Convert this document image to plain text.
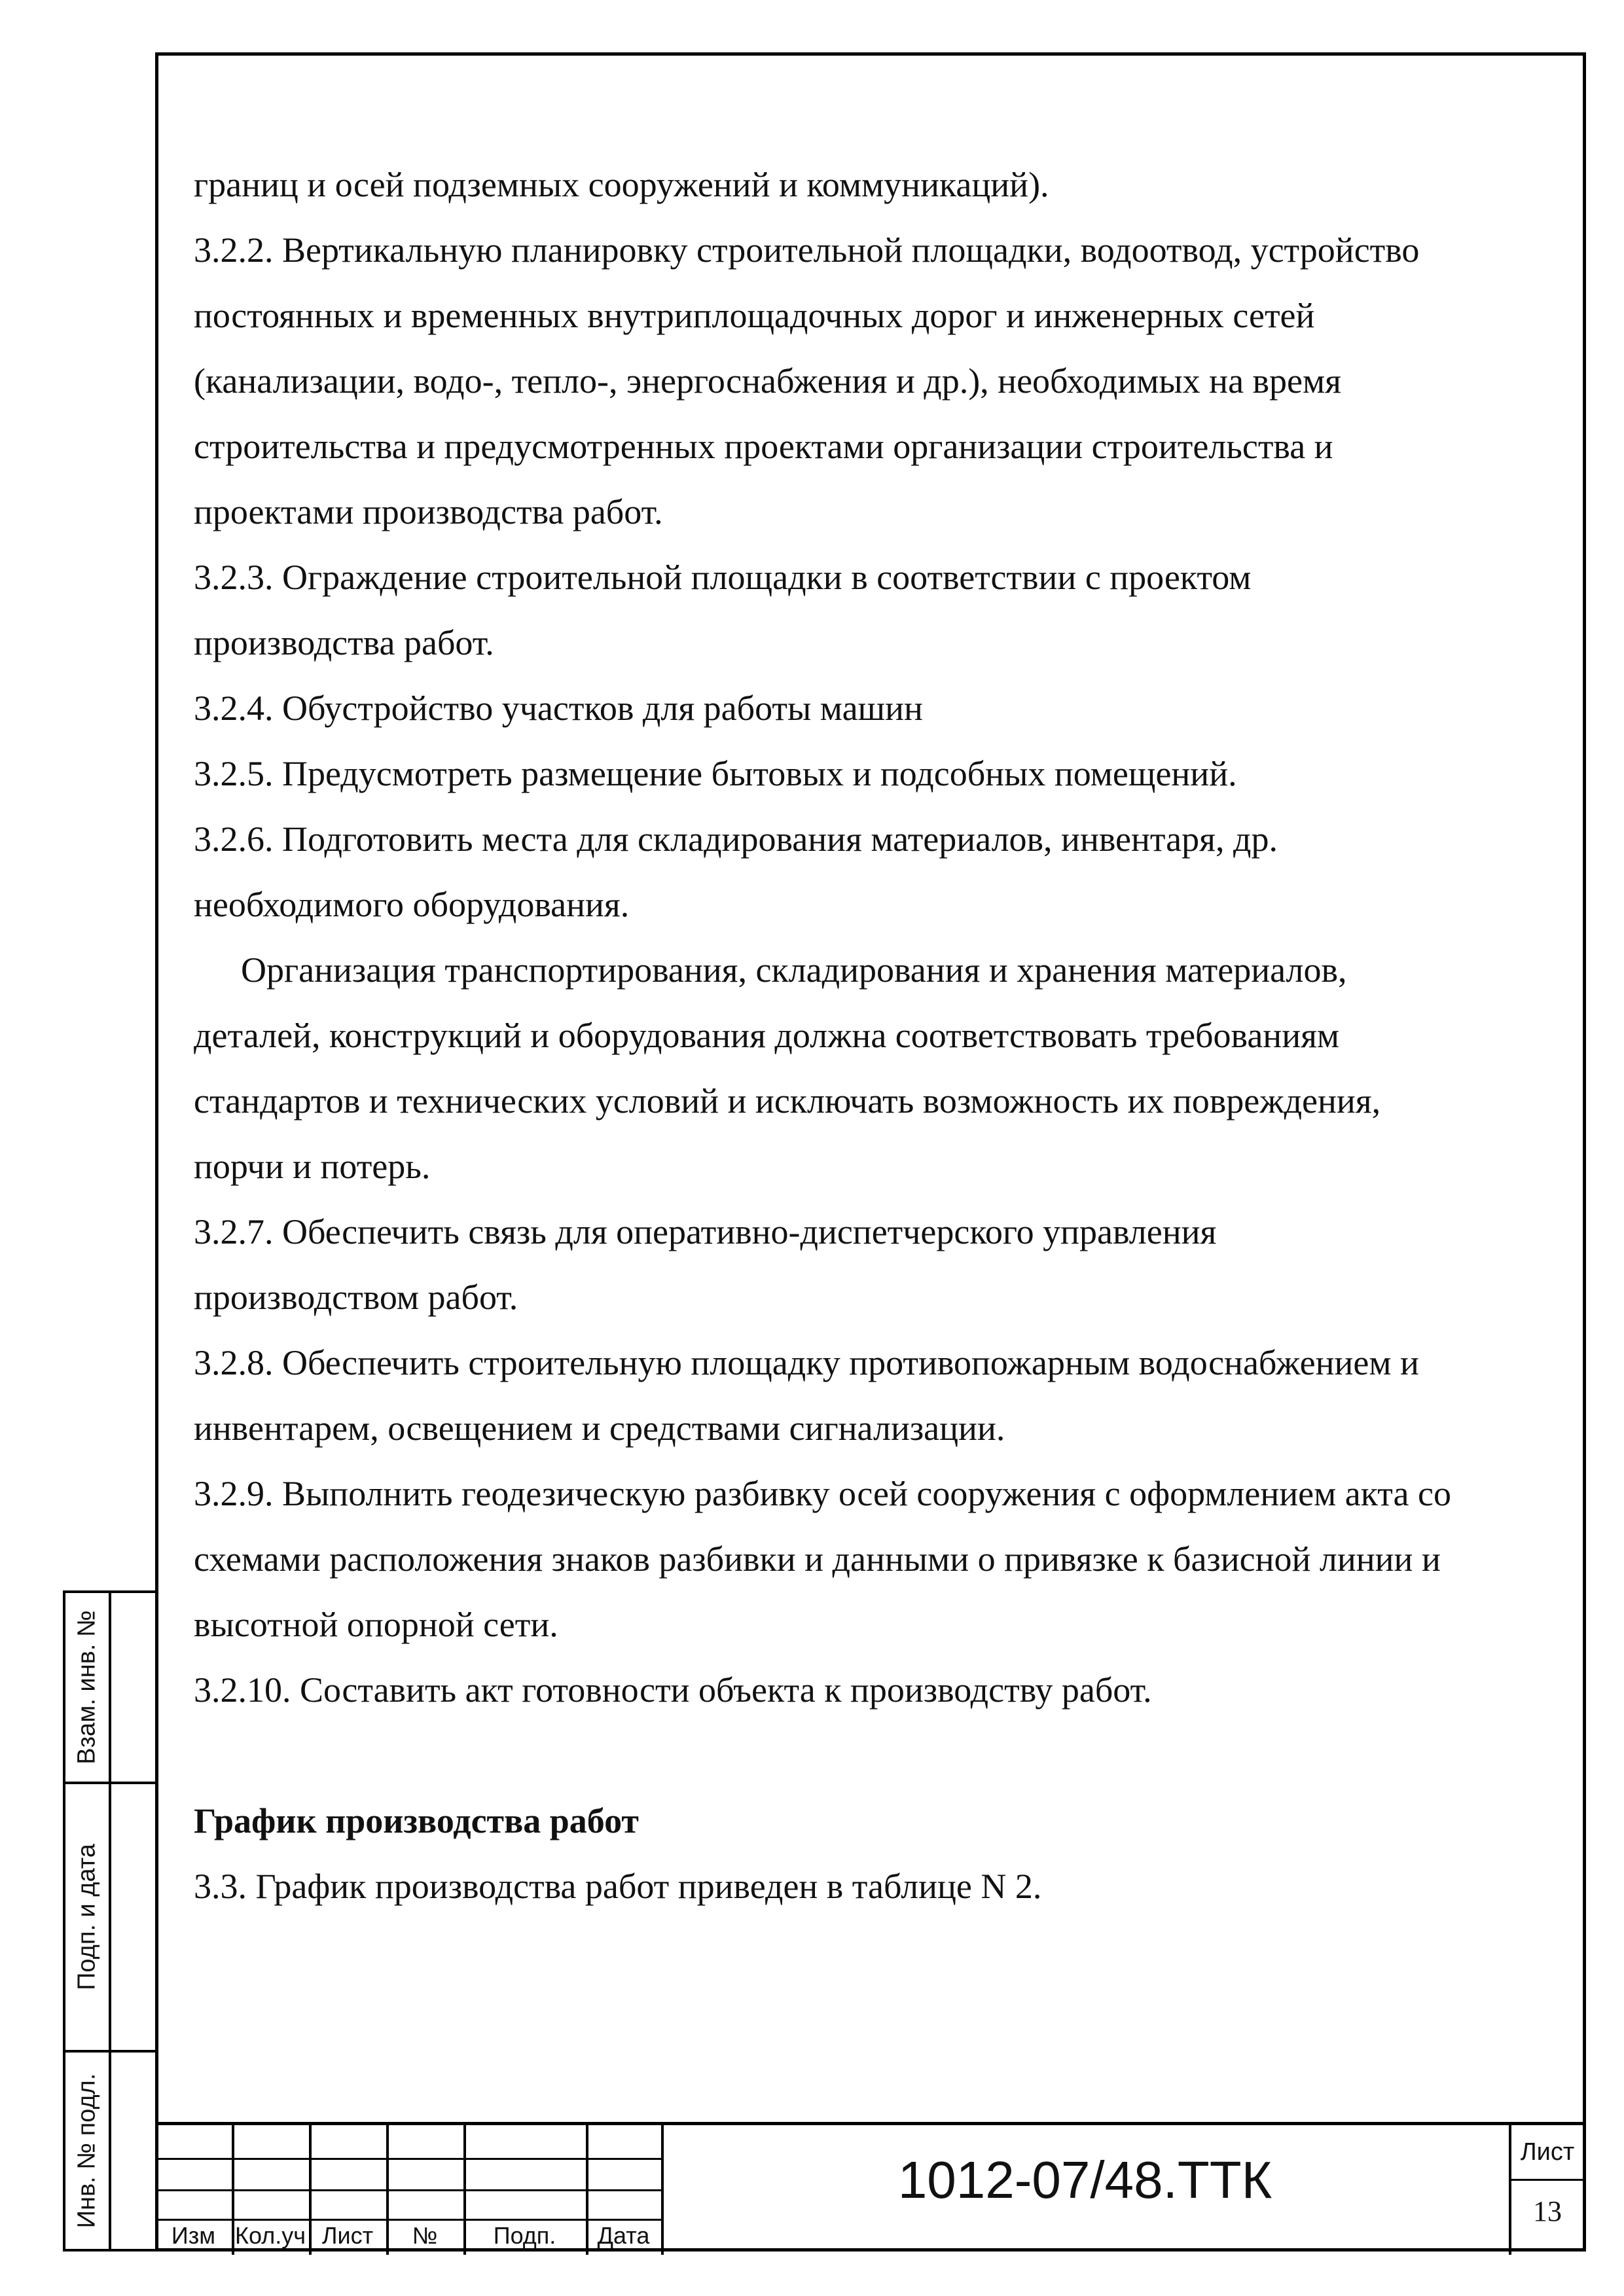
границ и осей подземных сооружений и коммуникаций).

3.2.2. Вертикальную планировку строительной площадки, водоотвод, устройство

постоянных и временных внутриплощадочных дорог и инженерных сетей

(канализации, водо-, тепло-, энергоснабжения и др.), необходимых на время

строительства и предусмотренных проектами организации строительства и

проектами производства работ.

3.2.3. Ограждение строительной площадки в соответствии с проектом

производства работ.

3.2.4. Обустройство участков для работы машин

3.2.5. Предусмотреть размещение бытовых и подсобных помещений.

3.2.6. Подготовить места для складирования материалов, инвентаря, др.

необходимого оборудования.

Организация транспортирования, складирования и хранения материалов,

деталей, конструкций и оборудования должна соответствовать требованиям

стандартов и технических условий и исключать возможность их повреждения,

порчи и потерь.

3.2.7. Обеспечить связь для оперативно-диспетчерского управления

производством работ.

3.2.8. Обеспечить строительную площадку противопожарным водоснабжением и

инвентарем, освещением и средствами сигнализации.

3.2.9. Выполнить геодезическую разбивку осей сооружения с оформлением акта со

схемами расположения знаков разбивки и данными о привязке к базисной линии и

высотной опорной сети.

3.2.10. Составить акт готовности объекта к производству работ.

График производства работ

3.3. График производства работ приведен в таблице N 2.

Взам. инв. №
Подп. и дата
Инв. № подл.
Изм Кол.уч Лист	№	Подп.	Дата
1012-07/48.ТТК	Лист
13
